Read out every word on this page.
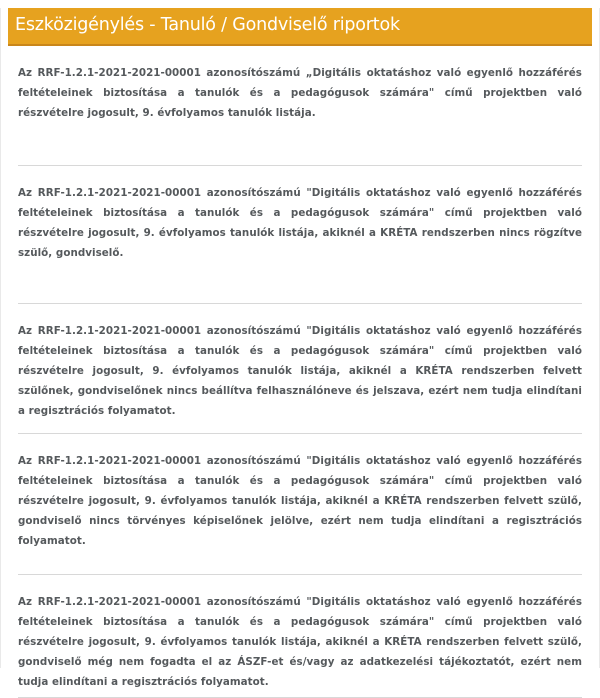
Eszközigénylés - Tanuló / Gondviselő riportok

Az RRF-1.2.1-2021-2021-00001 azonosítószámú „Digitális oktatáshoz való egyenlő hozzáférés feltételeinek biztosítása a tanulók és a pedagógusok számára" című projektben való részvételre jogosult, 9. évfolyamos tanulók listája.

Az RRF-1.2.1-2021-2021-00001 azonosítószámú "Digitális oktatáshoz való egyenlő hozzáférés feltételeinek biztosítása a tanulók és a pedagógusok számára" című projektben való részvételre jogosult, 9. évfolyamos tanulók listája, akiknél a KRÉTA rendszerben nincs rögzítve szülő, gondviselő.

Az RRF-1.2.1-2021-2021-00001 azonosítószámú "Digitális oktatáshoz való egyenlő hozzáférés feltételeinek biztosítása a tanulók és a pedagógusok számára" című projektben való részvételre jogosult, 9. évfolyamos tanulók listája, akiknél a KRÉTA rendszerben felvett szülőnek, gondviselőnek nincs beállítva felhasználóneve és jelszava, ezért nem tudja elindítani a regisztrációs folyamatot.

Az RRF-1.2.1-2021-2021-00001 azonosítószámú "Digitális oktatáshoz való egyenlő hozzáférés feltételeinek biztosítása a tanulók és a pedagógusok számára" című projektben való részvételre jogosult, 9. évfolyamos tanulók listája, akiknél a KRÉTA rendszerben felvett szülő, gondviselő nincs törvényes képiselőnek jelölve, ezért nem tudja elindítani a regisztrációs folyamatot.

Az RRF-1.2.1-2021-2021-00001 azonosítószámú "Digitális oktatáshoz való egyenlő hozzáférés feltételeinek biztosítása a tanulók és a pedagógusok számára" című projektben való részvételre jogosult, 9. évfolyamos tanulók listája, akiknél a KRÉTA rendszerben felvett szülő, gondviselő még nem fogadta el az ÁSZF-et és/vagy az adatkezelési tájékoztatót, ezért nem tudja elindítani a regisztrációs folyamatot.
